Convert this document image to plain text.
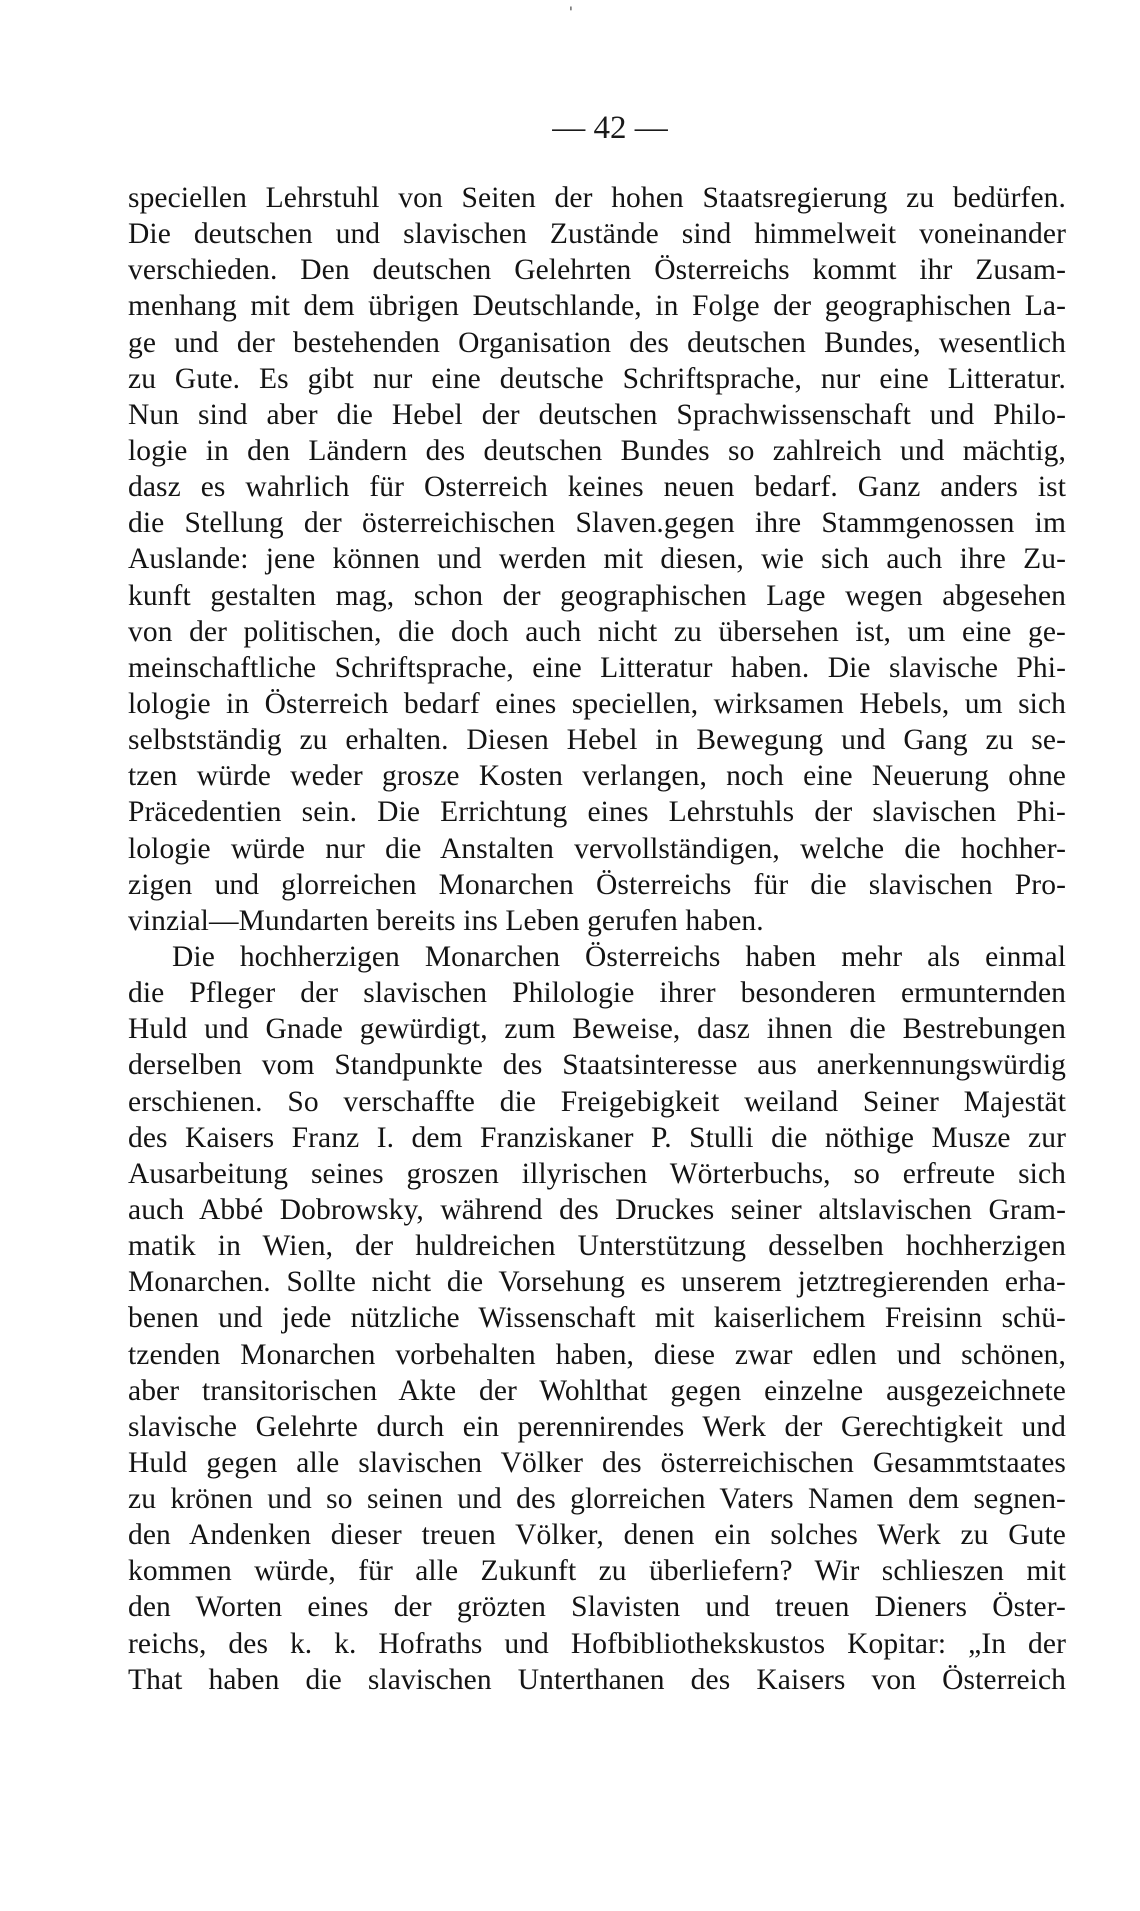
'
— 42 —
speciellen Lehrstuhl von Seiten der hohen Staatsregierung zu bedürfen.
Die deutschen und slavischen Zustände sind himmelweit voneinander
verschieden. Den deutschen Gelehrten Österreichs kommt ihr Zusam-
menhang mit dem übrigen Deutschlande, in Folge der geographischen La-
ge und der bestehenden Organisation des deutschen Bundes, wesentlich
zu Gute. Es gibt nur eine deutsche Schriftsprache, nur eine Litteratur.
Nun sind aber die Hebel der deutschen Sprachwissenschaft und Philo-
logie in den Ländern des deutschen Bundes so zahlreich und mächtig,
dasz es wahrlich für Osterreich keines neuen bedarf. Ganz anders ist
die Stellung der österreichischen Slaven.gegen ihre Stammgenossen im
Auslande: jene können und werden mit diesen, wie sich auch ihre Zu-
kunft gestalten mag, schon der geographischen Lage wegen abgesehen
von der politischen, die doch auch nicht zu übersehen ist, um eine ge-
meinschaftliche Schriftsprache, eine Litteratur haben. Die slavische Phi-
lologie in Österreich bedarf eines speciellen, wirksamen Hebels, um sich
selbstständig zu erhalten. Diesen Hebel in Bewegung und Gang zu se-
tzen würde weder grosze Kosten verlangen, noch eine Neuerung ohne
Präcedentien sein. Die Errichtung eines Lehrstuhls der slavischen Phi-
lologie würde nur die Anstalten vervollständigen, welche die hochher-
zigen und glorreichen Monarchen Österreichs für die slavischen Pro-
vinzial—Mundarten bereits ins Leben gerufen haben.
Die hochherzigen Monarchen Österreichs haben mehr als einmal
die Pfleger der slavischen Philologie ihrer besonderen ermunternden
Huld und Gnade gewürdigt, zum Beweise, dasz ihnen die Bestrebungen
derselben vom Standpunkte des Staatsinteresse aus anerkennungswürdig
erschienen. So verschaffte die Freigebigkeit weiland Seiner Majestät
des Kaisers Franz I. dem Franziskaner P. Stulli die nöthige Musze zur
Ausarbeitung seines groszen illyrischen Wörterbuchs, so erfreute sich
auch Abbé Dobrowsky, während des Druckes seiner altslavischen Gram-
matik in Wien, der huldreichen Unterstützung desselben hochherzigen
Monarchen. Sollte nicht die Vorsehung es unserem jetztregierenden erha-
benen und jede nützliche Wissenschaft mit kaiserlichem Freisinn schü-
tzenden Monarchen vorbehalten haben, diese zwar edlen und schönen,
aber transitorischen Akte der Wohlthat gegen einzelne ausgezeichnete
slavische Gelehrte durch ein perennirendes Werk der Gerechtigkeit und
Huld gegen alle slavischen Völker des österreichischen Gesammtstaates
zu krönen und so seinen und des glorreichen Vaters Namen dem segnen-
den Andenken dieser treuen Völker, denen ein solches Werk zu Gute
kommen würde, für alle Zukunft zu überliefern? Wir schlieszen mit
den Worten eines der grözten Slavisten und treuen Dieners Öster-
reichs, des k. k. Hofraths und Hofbibliothekskustos Kopitar: „In der
That haben die slavischen Unterthanen des Kaisers von Österreich
